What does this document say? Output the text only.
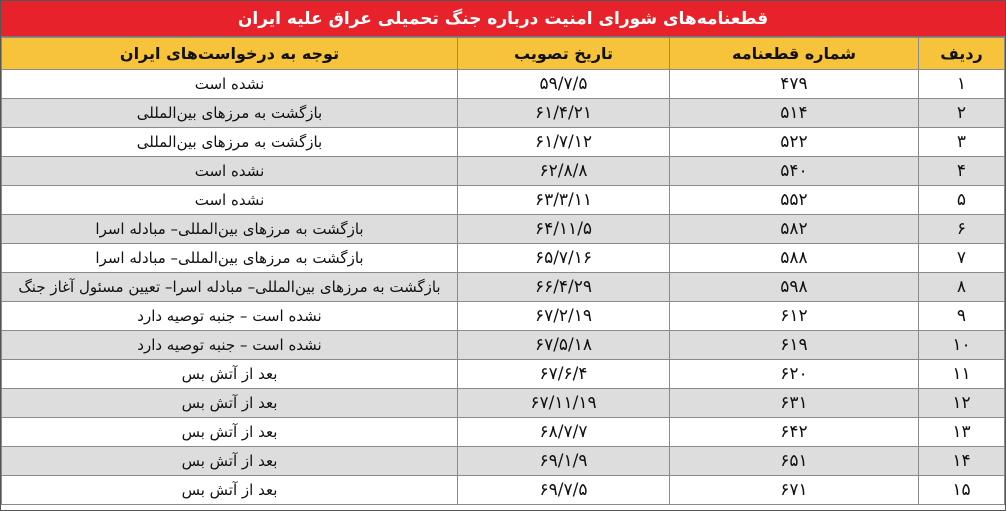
قطعنامه‌های شورای امنیت درباره جنگ تحمیلی عراق علیه ایران
ردیف	شماره قطعنامه	تاریخ تصویب	توجه به درخواست‌های ایران
۱	۴۷۹	۵۹/۷/۵	نشده است
۲	۵۱۴	۶۱/۴/۲۱	بازگشت به مرزهای بین‌المللی
۳	۵۲۲	۶۱/۷/۱۲	بازگشت به مرزهای بین‌المللی
۴	۵۴۰	۶۲/۸/۸	نشده است
۵	۵۵۲	۶۳/۳/۱۱	نشده است
۶	۵۸۲	۶۴/۱۱/۵	بازگشت به مرزهای بین‌المللی– مبادله اسرا
۷	۵۸۸	۶۵/۷/۱۶	بازگشت به مرزهای بین‌المللی– مبادله اسرا
۸	۵۹۸	۶۶/۴/۲۹	بازگشت به مرزهای بین‌المللی– مبادله اسرا– تعیین مسئول آغاز جنگ
۹	۶۱۲	۶۷/۲/۱۹	نشده است – جنبه توصیه دارد
۱۰	۶۱۹	۶۷/۵/۱۸	نشده است – جنبه توصیه دارد
۱۱	۶۲۰	۶۷/۶/۴	بعد از آتش بس
۱۲	۶۳۱	۶۷/۱۱/۱۹	بعد از آتش بس
۱۳	۶۴۲	۶۸/۷/۷	بعد از آتش بس
۱۴	۶۵۱	۶۹/۱/۹	بعد از آتش بس
۱۵	۶۷۱	۶۹/۷/۵	بعد از آتش بس
